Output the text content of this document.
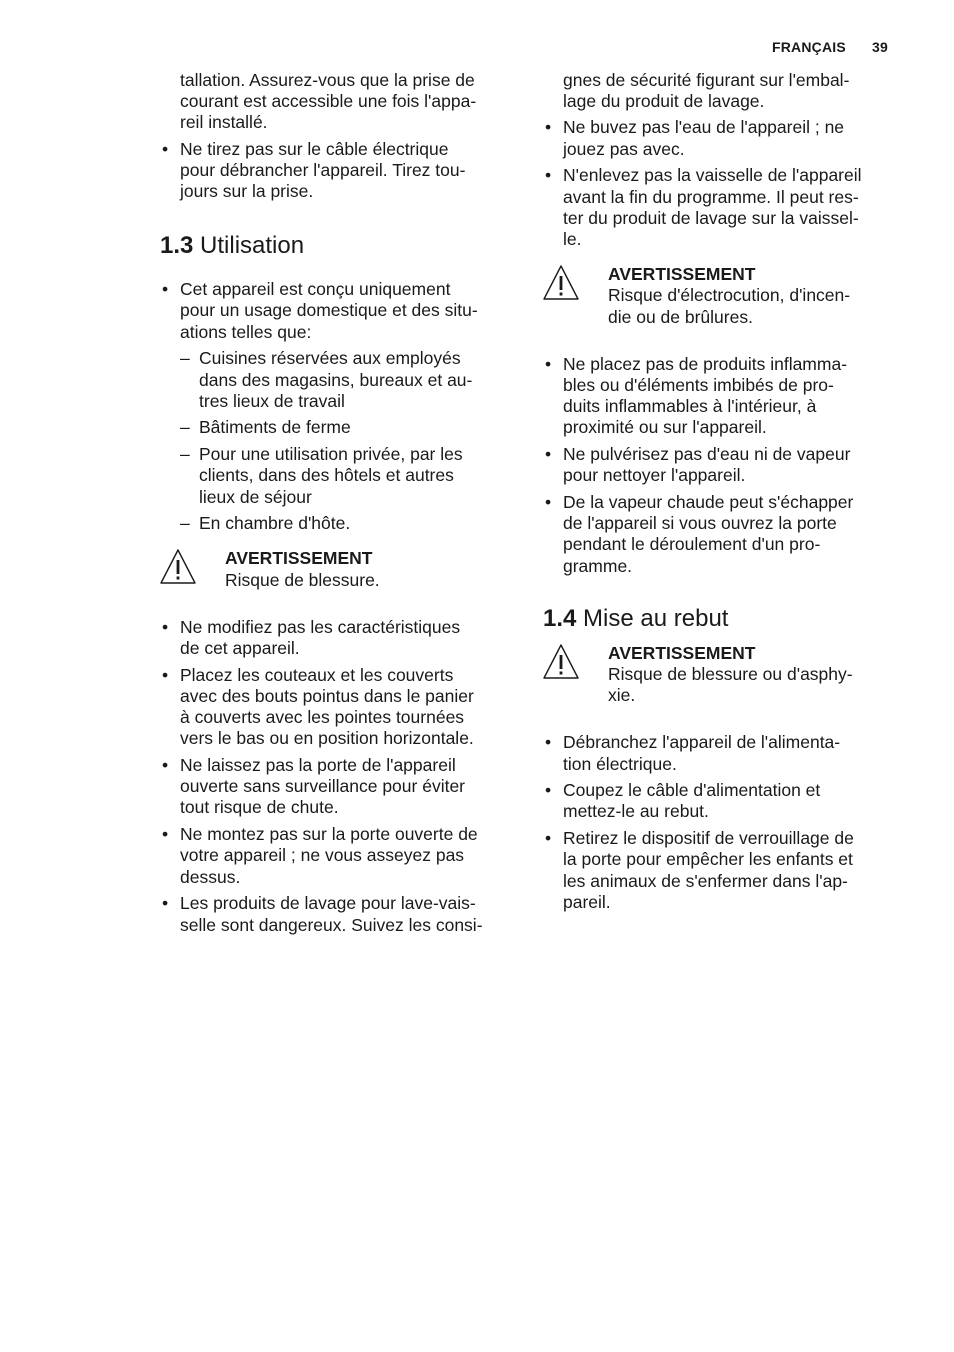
FRANÇAIS 39
tallation. Assurez-vous que la prise de
courant est accessible une fois l'appa-
reil installé.
• Ne tirez pas sur le câble électrique
pour débrancher l'appareil. Tirez tou-
jours sur la prise.
1.3 Utilisation
• Cet appareil est conçu uniquement
pour un usage domestique et des situ-
ations telles que:
– Cuisines réservées aux employés
dans des magasins, bureaux et au-
tres lieux de travail
– Bâtiments de ferme
– Pour une utilisation privée, par les
clients, dans des hôtels et autres
lieux de séjour
– En chambre d'hôte.
AVERTISSEMENT
Risque de blessure.
• Ne modifiez pas les caractéristiques
de cet appareil.
• Placez les couteaux et les couverts
avec des bouts pointus dans le panier
à couverts avec les pointes tournées
vers le bas ou en position horizontale.
• Ne laissez pas la porte de l'appareil
ouverte sans surveillance pour éviter
tout risque de chute.
• Ne montez pas sur la porte ouverte de
votre appareil ; ne vous asseyez pas
dessus.
• Les produits de lavage pour lave-vais-
selle sont dangereux. Suivez les consi-
gnes de sécurité figurant sur l'embal-
lage du produit de lavage.
• Ne buvez pas l'eau de l'appareil ; ne
jouez pas avec.
• N'enlevez pas la vaisselle de l'appareil
avant la fin du programme. Il peut res-
ter du produit de lavage sur la vaissel-
le.
AVERTISSEMENT
Risque d'électrocution, d'incen-
die ou de brûlures.
• Ne placez pas de produits inflamma-
bles ou d'éléments imbibés de pro-
duits inflammables à l'intérieur, à
proximité ou sur l'appareil.
• Ne pulvérisez pas d'eau ni de vapeur
pour nettoyer l'appareil.
• De la vapeur chaude peut s'échapper
de l'appareil si vous ouvrez la porte
pendant le déroulement d'un pro-
gramme.
1.4 Mise au rebut
AVERTISSEMENT
Risque de blessure ou d'asphy-
xie.
• Débranchez l'appareil de l'alimenta-
tion électrique.
• Coupez le câble d'alimentation et
mettez-le au rebut.
• Retirez le dispositif de verrouillage de
la porte pour empêcher les enfants et
les animaux de s'enfermer dans l'ap-
pareil.
